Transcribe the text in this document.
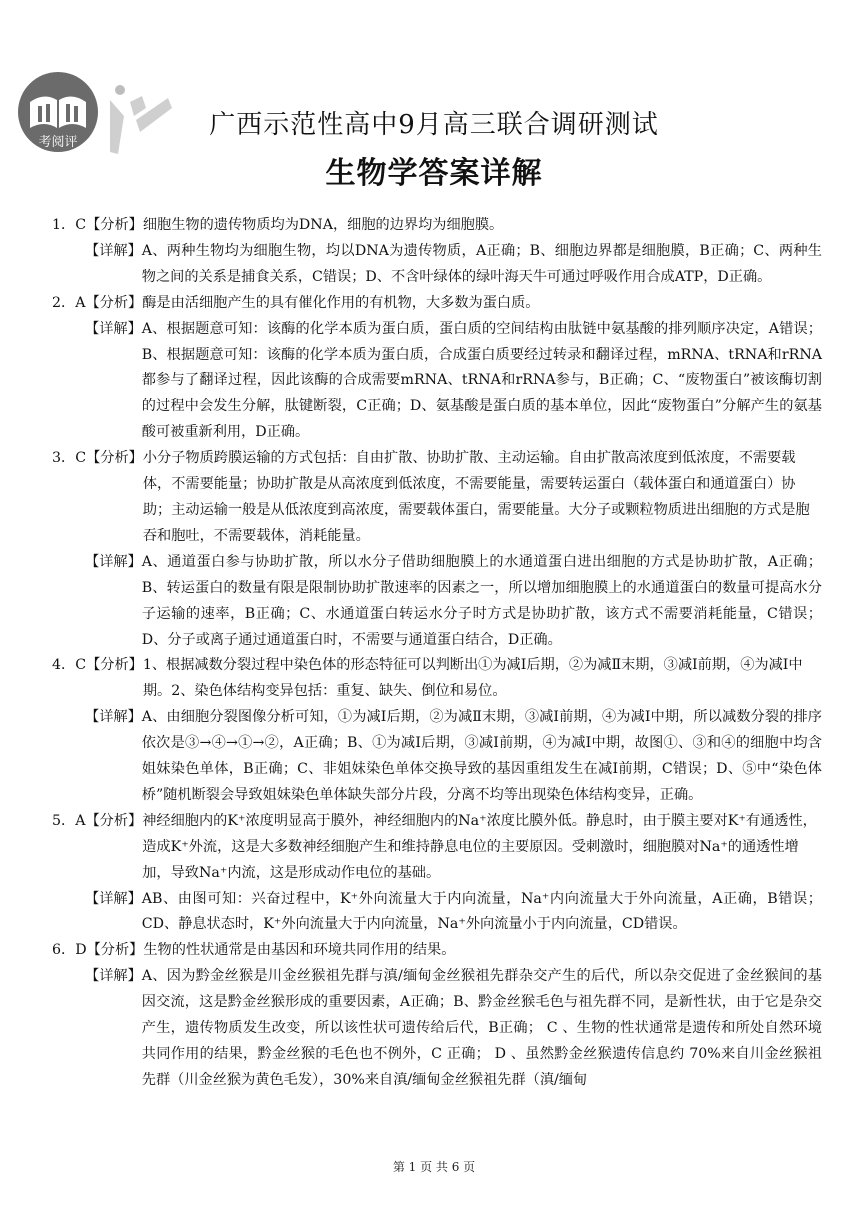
考阅评
广西示范性高中9月高三联合调研测试
生物学答案详解
1．C【分析】 细胞生物的遗传物质均为DNA，细胞的边界均为细胞膜。
【详解】 A、两种生物均为细胞生物，均以DNA为遗传物质，A正确；B、细胞边界都是细胞膜，B正确；C、两种生物之间的关系是捕食关系，C错误；D、不含叶绿体的绿叶海天牛可通过呼吸作用合成ATP，D正确。
2．A【分析】 酶是由活细胞产生的具有催化作用的有机物，大多数为蛋白质。
【详解】 A、根据题意可知：该酶的化学本质为蛋白质，蛋白质的空间结构由肽链中氨基酸的排列顺序决定，A错误；B、根据题意可知：该酶的化学本质为蛋白质，合成蛋白质要经过转录和翻译过程，mRNA、tRNA和rRNA都参与了翻译过程，因此该酶的合成需要mRNA、tRNA和rRNA参与，B正确；C、“废物蛋白”被该酶切割的过程中会发生分解，肽键断裂，C正确；D、氨基酸是蛋白质的基本单位，因此“废物蛋白”分解产生的氨基酸可被重新利用，D正确。
3．C【分析】 小分子物质跨膜运输的方式包括：自由扩散、协助扩散、主动运输。自由扩散高浓度到低浓度，不需要载体，不需要能量；协助扩散是从高浓度到低浓度，不需要能量，需要转运蛋白（载体蛋白和通道蛋白）协助；主动运输一般是从低浓度到高浓度，需要载体蛋白，需要能量。大分子或颗粒物质进出细胞的方式是胞吞和胞吐，不需要载体，消耗能量。
【详解】 A、通道蛋白参与协助扩散，所以水分子借助细胞膜上的水通道蛋白进出细胞的方式是协助扩散，A正确；B、转运蛋白的数量有限是限制协助扩散速率的因素之一，所以增加细胞膜上的水通道蛋白的数量可提高水分子运输的速率，B正确；C、水通道蛋白转运水分子时方式是协助扩散，该方式不需要消耗能量，C错误；D、分子或离子通过通道蛋白时，不需要与通道蛋白结合，D正确。
4．C【分析】 1、根据减数分裂过程中染色体的形态特征可以判断出①为减Ⅰ后期，②为减Ⅱ末期，③减Ⅰ前期，④为减Ⅰ中期。2、染色体结构变异包括：重复、缺失、倒位和易位。
【详解】 A、由细胞分裂图像分析可知，①为减Ⅰ后期，②为减Ⅱ末期，③减Ⅰ前期，④为减Ⅰ中期，所以减数分裂的排序依次是③→④→①→②，A正确；B、①为减Ⅰ后期，③减Ⅰ前期，④为减Ⅰ中期，故图①、③和④的细胞中均含姐妹染色单体，B正确；C、非姐妹染色单体交换导致的基因重组发生在减Ⅰ前期，C错误；D、⑤中“染色体桥”随机断裂会导致姐妹染色单体缺失部分片段，分离不均等出现染色体结构变异，正确。
5．A【分析】 神经细胞内的K⁺浓度明显高于膜外，神经细胞内的Na⁺浓度比膜外低。静息时，由于膜主要对K⁺有通透性，造成K⁺外流，这是大多数神经细胞产生和维持静息电位的主要原因。受刺激时，细胞膜对Na⁺的通透性增加，导致Na⁺内流，这是形成动作电位的基础。
【详解】 AB、由图可知：兴奋过程中，K⁺外向流量大于内向流量，Na⁺内向流量大于外向流量，A正确，B错误；CD、静息状态时，K⁺外向流量大于内向流量，Na⁺外向流量小于内向流量，CD错误。
6．D【分析】 生物的性状通常是由基因和环境共同作用的结果。
【详解】 A、因为黔金丝猴是川金丝猴祖先群与滇/缅甸金丝猴祖先群杂交产生的后代，所以杂交促进了金丝猴间的基因交流，这是黔金丝猴形成的重要因素，A正确；B、黔金丝猴毛色与祖先群不同，是新性状，由于它是杂交产生，遗传物质发生改变，所以该性状可遗传给后代，B正确； C 、生物的性状通常是遗传和所处自然环境共同作用的结果，黔金丝猴的毛色也不例外，C 正确； D 、虽然黔金丝猴遗传信息约 70%来自川金丝猴祖先群（川金丝猴为黄色毛发），30%来自滇/缅甸金丝猴祖先群（滇/缅甸
第 1 页 共 6 页
